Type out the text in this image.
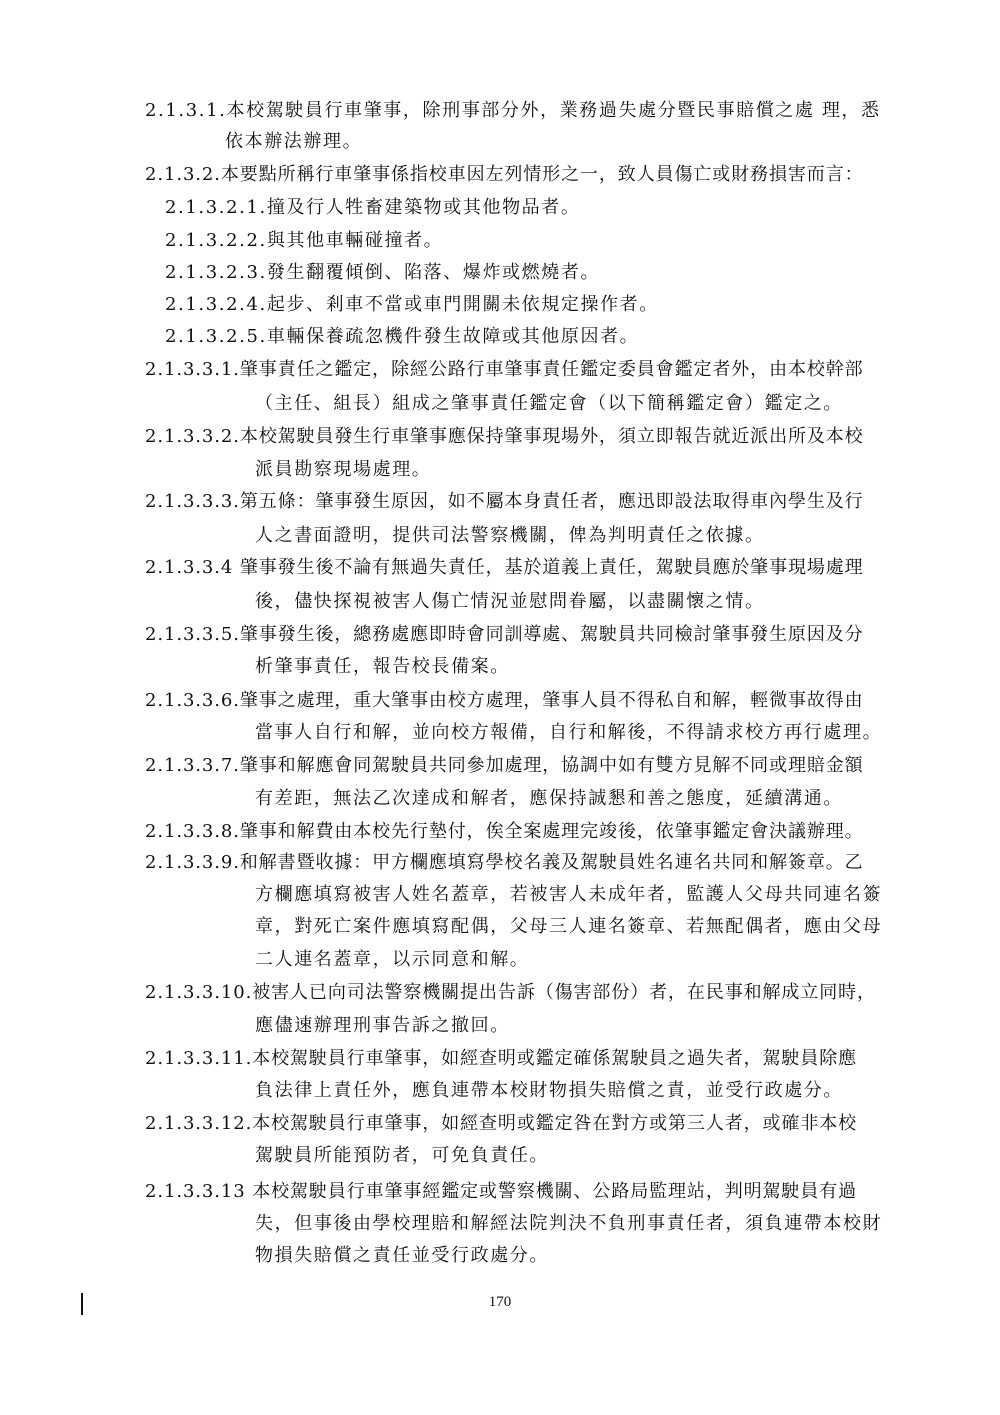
2.1.3.1.本校駕駛員行車肇事，除刑事部分外，業務過失處分暨民事賠償之處 理，悉
依本辦法辦理。
2.1.3.2.本要點所稱行車肇事係指校車因左列情形之一，致人員傷亡或財務損害而言：
2.1.3.2.1.撞及行人牲畜建築物或其他物品者。
2.1.3.2.2.與其他車輛碰撞者。
2.1.3.2.3.發生翻覆傾倒、陷落、爆炸或燃燒者。
2.1.3.2.4.起步、剎車不當或車門開關未依規定操作者。
2.1.3.2.5.車輛保養疏忽機件發生故障或其他原因者。
2.1.3.3.1.肇事責任之鑑定，除經公路行車肇事責任鑑定委員會鑑定者外，由本校幹部
（主任、組長）組成之肇事責任鑑定會（以下簡稱鑑定會）鑑定之。
2.1.3.3.2.本校駕駛員發生行車肇事應保持肇事現場外，須立即報告就近派出所及本校
派員勘察現場處理。
2.1.3.3.3.第五條：肇事發生原因，如不屬本身責任者，應迅即設法取得車內學生及行
人之書面證明，提供司法警察機關，俾為判明責任之依據。
2.1.3.3.4 肇事發生後不論有無過失責任，基於道義上責任，駕駛員應於肇事現場處理
後，儘快探視被害人傷亡情況並慰問眷屬，以盡關懷之情。
2.1.3.3.5.肇事發生後，總務處應即時會同訓導處、駕駛員共同檢討肇事發生原因及分
析肇事責任，報告校長備案。
2.1.3.3.6.肇事之處理，重大肇事由校方處理，肇事人員不得私自和解，輕微事故得由
當事人自行和解，並向校方報備，自行和解後，不得請求校方再行處理。
2.1.3.3.7.肇事和解應會同駕駛員共同參加處理，協調中如有雙方見解不同或理賠金額
有差距，無法乙次達成和解者，應保持誠懇和善之態度，延續溝通。
2.1.3.3.8.肇事和解費由本校先行墊付，俟全案處理完竣後，依肇事鑑定會決議辦理。
2.1.3.3.9.和解書暨收據：甲方欄應填寫學校名義及駕駛員姓名連名共同和解簽章。乙
方欄應填寫被害人姓名蓋章，若被害人未成年者，監護人父母共同連名簽
章，對死亡案件應填寫配偶，父母三人連名簽章、若無配偶者，應由父母
二人連名蓋章，以示同意和解。
2.1.3.3.10.被害人已向司法警察機關提出告訴（傷害部份）者，在民事和解成立同時，
應儘速辦理刑事告訴之撤回。
2.1.3.3.11.本校駕駛員行車肇事，如經查明或鑑定確係駕駛員之過失者，駕駛員除應
負法律上責任外，應負連帶本校財物損失賠償之責，並受行政處分。
2.1.3.3.12.本校駕駛員行車肇事，如經查明或鑑定咎在對方或第三人者，或確非本校
駕駛員所能預防者，可免負責任。
2.1.3.3.13 本校駕駛員行車肇事經鑑定或警察機關、公路局監理站，判明駕駛員有過
失，但事後由學校理賠和解經法院判決不負刑事責任者，須負連帶本校財
物損失賠償之責任並受行政處分。
170
